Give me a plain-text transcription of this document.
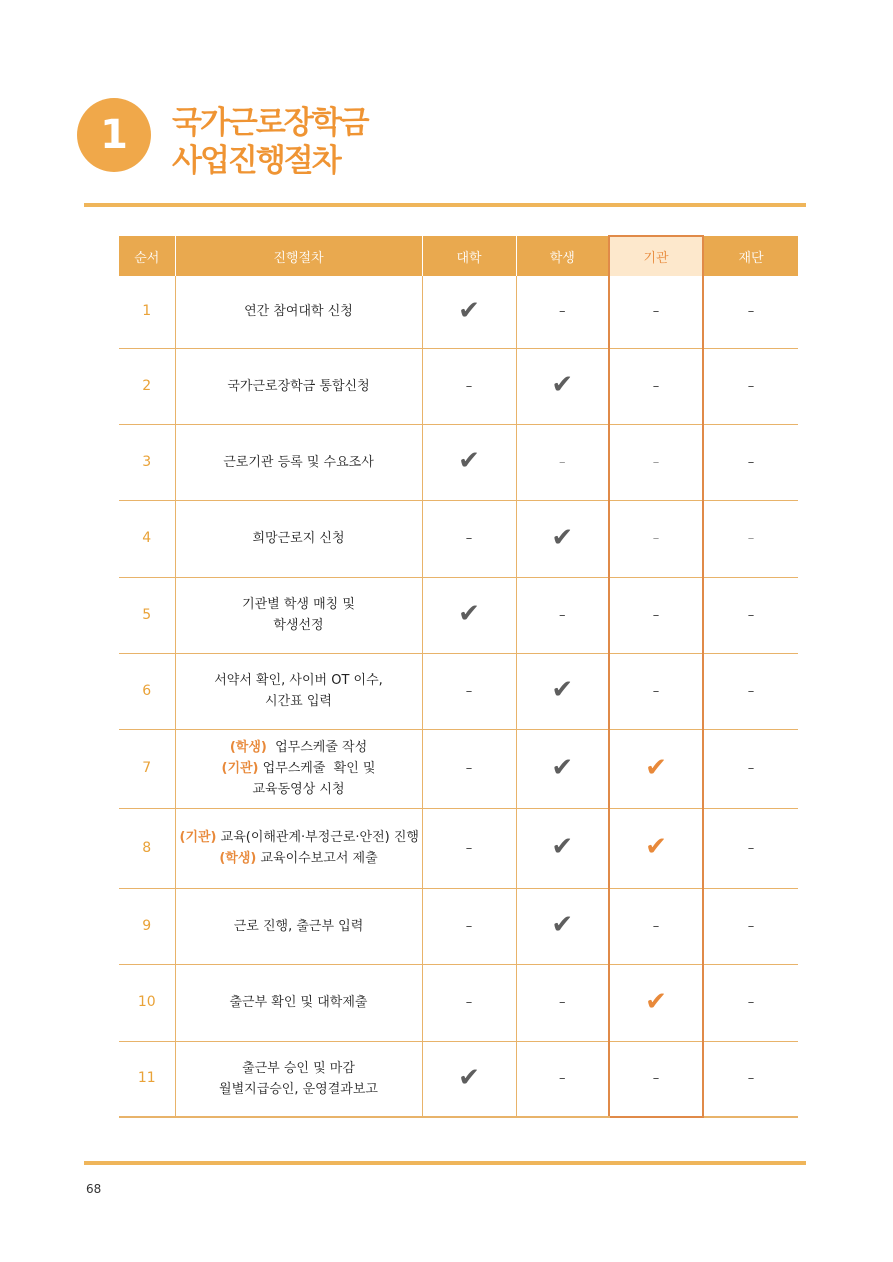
1 국가근로장학금
사업진행절차
순서	진행절차	대학	학생	기관	재단
1	연간 참여대학 신청	✔	–	–	–
2	국가근로장학금 통합신청	–	✔	–	–
3	근로기관 등록 및 수요조사	✔	–	–	–
4	희망근로지 신청	–	✔	–	–
5	기관별 학생 매칭 및
학생선정	✔	–	–	–
6	서약서 확인, 사이버 OT 이수,
시간표 입력	–	✔	–	–
7	(학생)  업무스케줄 작성
(기관) 업무스케줄  확인 및
교육동영상 시청	–	✔	✔	–
8	(기관) 교육(이해관계·부정근로·안전) 진행
(학생) 교육이수보고서 제출	–	✔	✔	–
9	근로 진행, 출근부 입력	–	✔	–	–
10	출근부 확인 및 대학제출	–	–	✔	–
11	출근부 승인 및 마감
월별지급승인, 운영결과보고	✔	–	–	–
68
